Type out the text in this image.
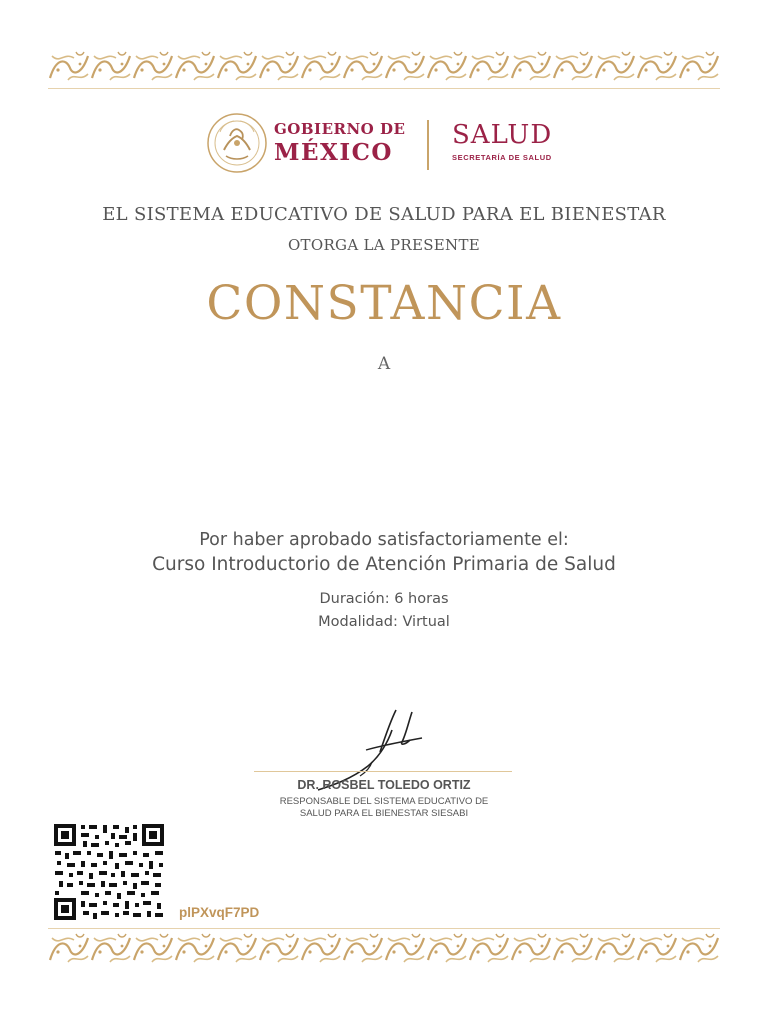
GOBIERNO DE
MÉXICO
SALUD
SECRETARÍA DE SALUD
EL SISTEMA EDUCATIVO DE SALUD PARA EL BIENESTAR
OTORGA LA PRESENTE
CONSTANCIA
A
Por haber aprobado satisfactoriamente el:
Curso Introductorio de Atención Primaria de Salud
Duración: 6 horas
Modalidad: Virtual
DR. ROSBEL TOLEDO ORTIZ
RESPONSABLE DEL SISTEMA EDUCATIVO DE
SALUD PARA EL BIENESTAR SIESABI
plPXvqF7PD
